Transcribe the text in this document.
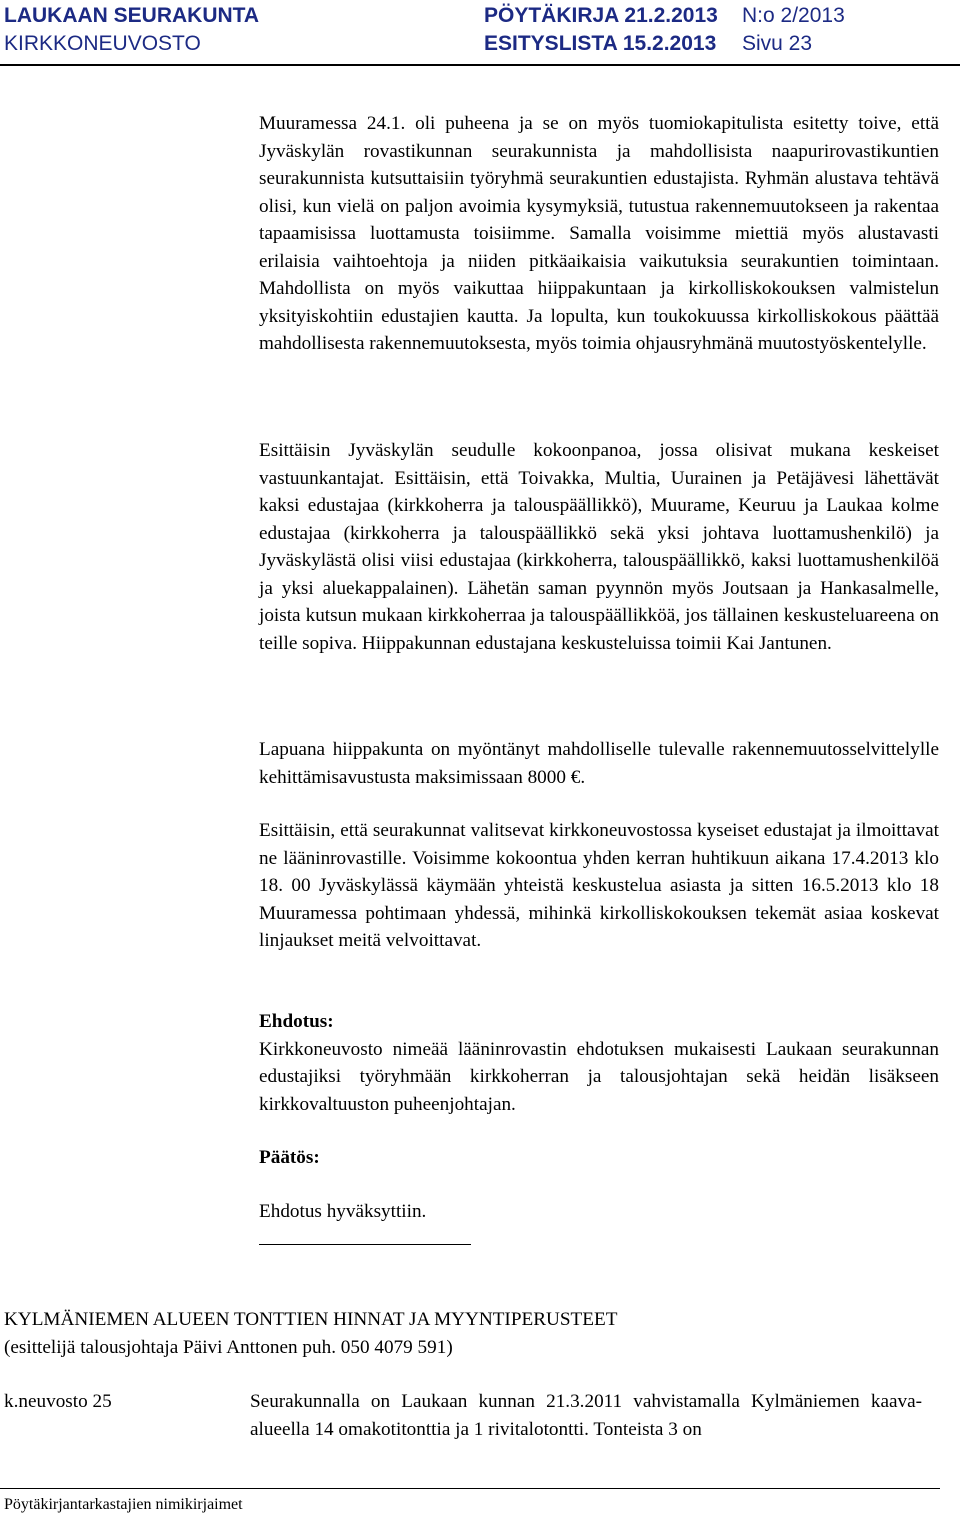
LAUKAAN SEURAKUNTA	PÖYTÄKIRJA 21.2.2013 N:o 2/2013
KIRKKONEUVOSTO	ESITYSLISTA 15.2.2013 Sivu 23

Muuramessa 24.1. oli puheena ja se on myös tuomiokapitulista esitetty toive, että Jyväskylän rovastikunnan seurakunnista ja mahdollisista naapurirovastikuntien seurakunnista kutsuttaisiin työryhmä seurakuntien edustajista. Ryhmän alustava tehtävä olisi, kun vielä on paljon avoimia kysymyksiä, tutustua rakennemuutokseen ja rakentaa tapaamisissa luottamusta toisiimme. Samalla voisimme miettiä myös alustavasti erilaisia vaihtoehtoja ja niiden pitkäaikaisia vaikutuksia seurakuntien toimintaan. Mahdollista on myös vaikuttaa hiippakuntaan ja kirkolliskokouksen valmistelun yksityiskohtiin edustajien kautta. Ja lopulta, kun toukokuussa kirkolliskokous päättää mahdollisesta rakennemuutoksesta, myös toimia ohjausryhmänä muutostyöskentelylle.

Esittäisin Jyväskylän seudulle kokoonpanoa, jossa olisivat mukana keskeiset vastuunkantajat. Esittäisin, että Toivakka, Multia, Uurainen ja Petäjävesi lähettävät kaksi edustajaa (kirkkoherra ja talouspäällikkö), Muurame, Keuruu ja Laukaa kolme edustajaa (kirkkoherra ja talouspäällikkö sekä yksi johtava luottamushenkilö) ja Jyväskylästä olisi viisi edustajaa (kirkkoherra, talouspäällikkö, kaksi luottamushenkilöä ja yksi aluekappalainen). Lähetän saman pyynnön myös Joutsaan ja Hankasalmelle, joista kutsun mukaan kirkkoherraa ja talouspäällikköä, jos tällainen keskusteluareena on teille sopiva. Hiippakunnan edustajana keskusteluissa toimii Kai Jantunen.

Lapuana hiippakunta on myöntänyt mahdolliselle tulevalle rakennemuutosselvittelylle kehittämisavustusta maksimissaan 8000 €.

Esittäisin, että seurakunnat valitsevat kirkkoneuvostossa kyseiset edustajat ja ilmoittavat ne lääninrovastille. Voisimme kokoontua yhden kerran huhtikuun aikana 17.4.2013 klo 18. 00 Jyväskylässä käymään yhteistä keskustelua asiasta ja sitten 16.5.2013 klo 18 Muuramessa pohtimaan yhdessä, mihinkä kirkolliskokouksen tekemät asiaa koskevat linjaukset meitä velvoittavat.

Ehdotus:

Kirkkoneuvosto nimeää lääninrovastin ehdotuksen mukaisesti Laukaan seurakunnan edustajiksi työryhmään kirkkoherran ja talousjohtajan sekä heidän lisäkseen kirkkovaltuuston puheenjohtajan.

Päätös:

Ehdotus hyväksyttiin.

KYLMÄNIEMEN ALUEEN TONTTIEN HINNAT JA MYYNTIPERUSTEET
(esittelijä talousjohtaja Päivi Anttonen puh. 050 4079 591)
k.neuvosto 25	Seurakunnalla on Laukaan kunnan 21.3.2011 vahvistamalla Kylmäniemen kaava-alueella 14 omakotitonttia ja 1 rivitalotontti. Tonteista 3 on
Pöytäkirjantarkastajien nimikirjaimet
